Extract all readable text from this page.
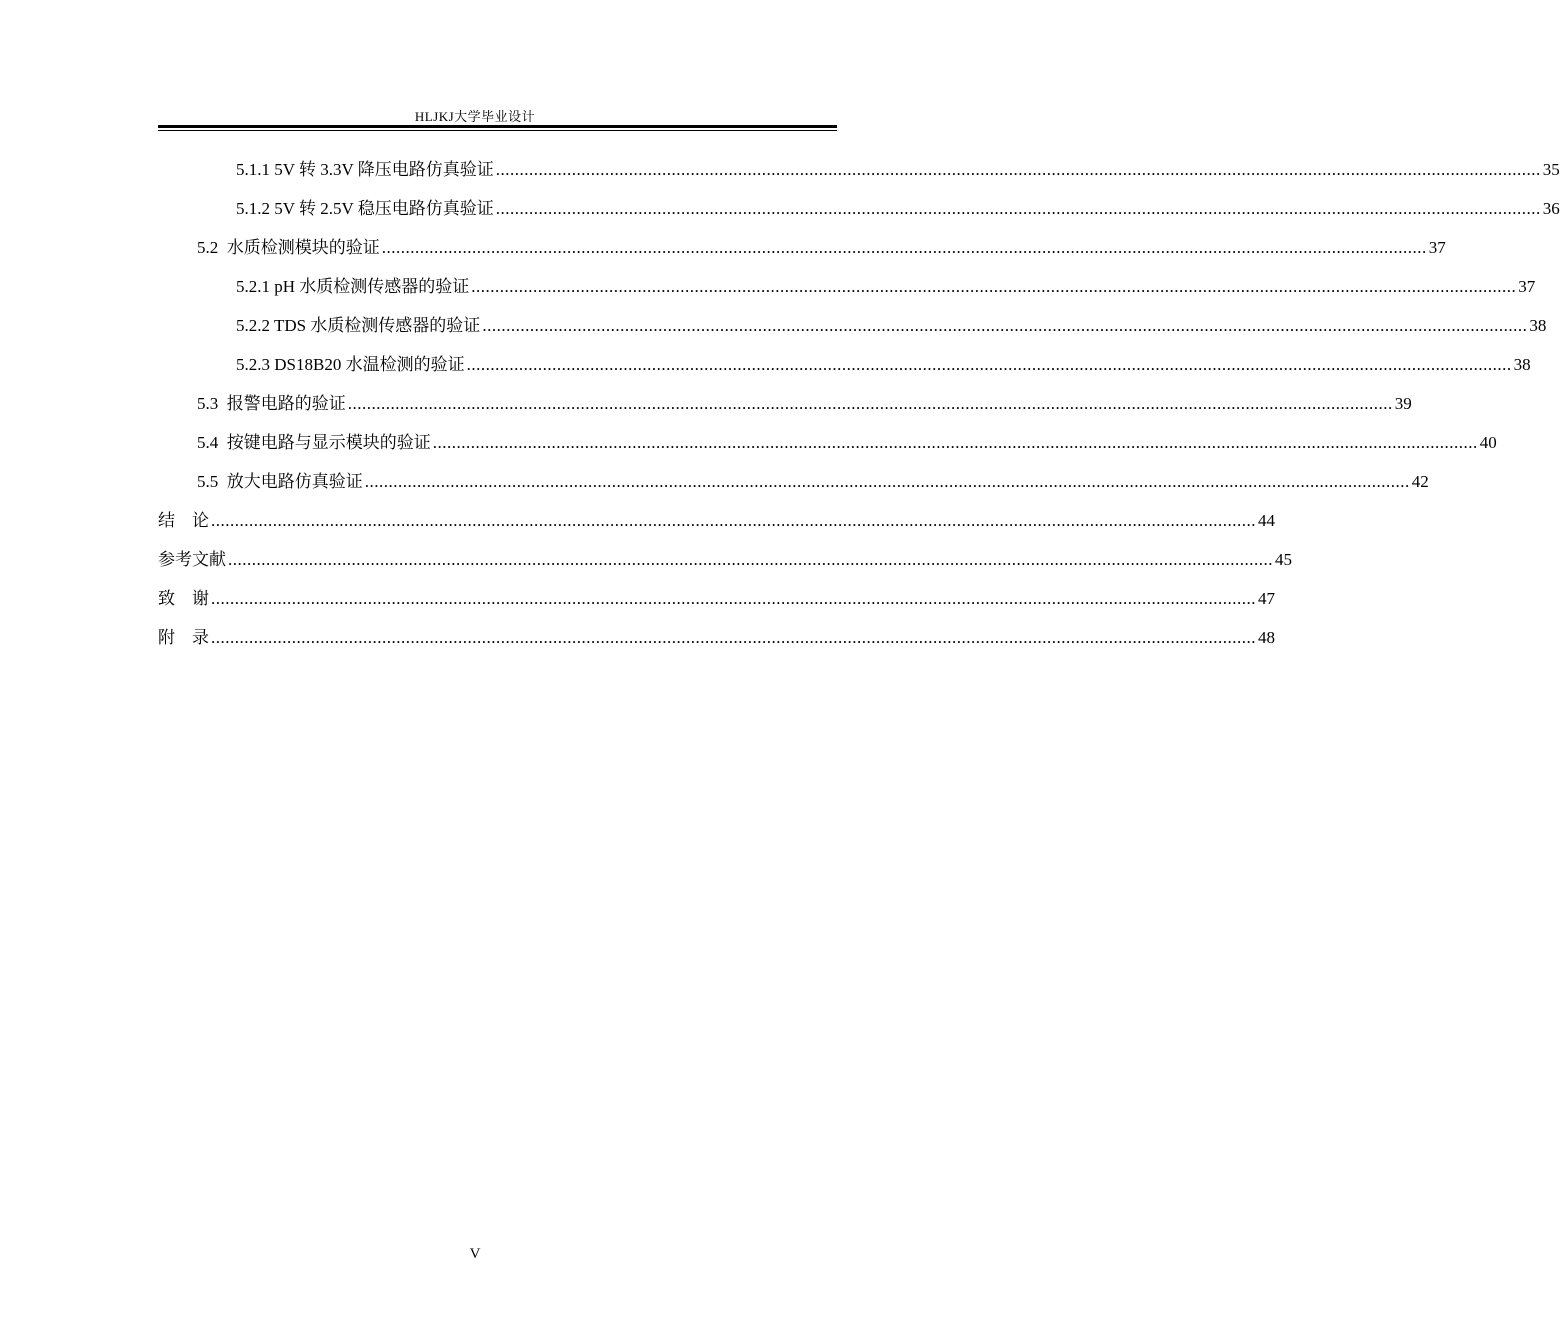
HLJKJ大学毕业设计
5.1.1 5V 转 3.3V 降压电路仿真验证 ............................................................................................................................................................................................................................ 35
5.1.2 5V 转 2.5V 稳压电路仿真验证 ............................................................................................................................................................................................................................ 36
5.2  水质检测模块的验证 ............................................................................................................................................................................................................................ 37
5.2.1 pH 水质检测传感器的验证 ............................................................................................................................................................................................................................ 37
5.2.2 TDS 水质检测传感器的验证 ............................................................................................................................................................................................................................ 38
5.2.3 DS18B20 水温检测的验证 ............................................................................................................................................................................................................................ 38
5.3  报警电路的验证 ............................................................................................................................................................................................................................ 39
5.4  按键电路与显示模块的验证 ............................................................................................................................................................................................................................ 40
5.5  放大电路仿真验证 ............................................................................................................................................................................................................................ 42
结　论 ............................................................................................................................................................................................................................ 44
参考文献 ............................................................................................................................................................................................................................ 45
致　谢 ............................................................................................................................................................................................................................ 47
附　录 ............................................................................................................................................................................................................................ 48
V
